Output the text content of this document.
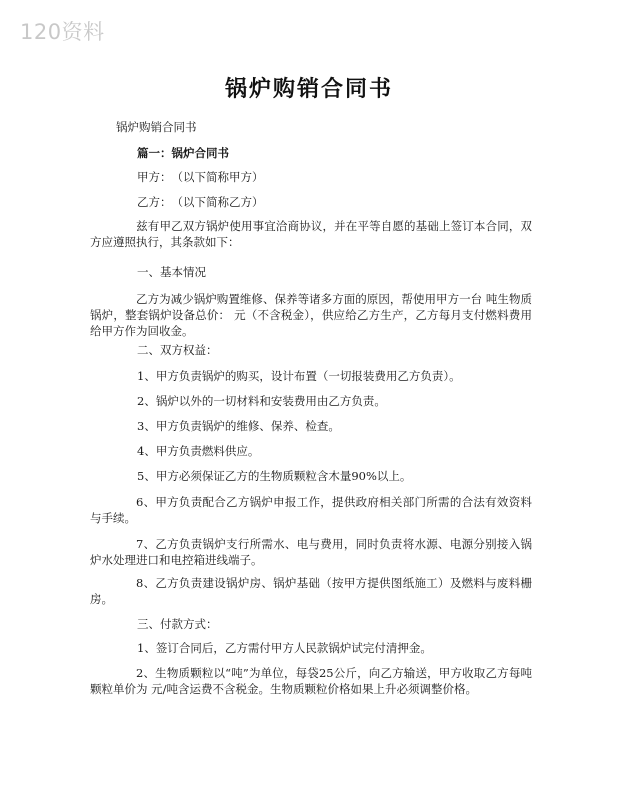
120资料
锅炉购销合同书
锅炉购销合同书
篇一：锅炉合同书
甲方：　（以下简称甲方）
乙方：　（以下简称乙方）
兹有甲乙双方锅炉使用事宜洽商协议，并在平等自愿的基础上签订本合同，双方应遵照执行，其条款如下：
一、基本情况
乙方为减少锅炉购置维修、保养等诸多方面的原因，帮使用甲方一台 吨生物质锅炉，整套锅炉设备总价： 元（不含税金），供应给乙方生产，乙方每月支付燃料费用给甲方作为回收金。
二、双方权益：
1、甲方负责锅炉的购买，设计布置（一切报装费用乙方负责）。
2、锅炉以外的一切材料和安装费用由乙方负责。
3、甲方负责锅炉的维修、保养、检查。
4、甲方负责燃料供应。
5、甲方必须保证乙方的生物质颗粒含木量90%以上。
6、甲方负责配合乙方锅炉申报工作，提供政府相关部门所需的合法有效资料与手续。
7、乙方负责锅炉支行所需水、电与费用，同时负责将水源、电源分别接入锅炉水处理进口和电控箱进线端子。
8、乙方负责建设锅炉房、锅炉基础（按甲方提供图纸施工）及燃料与废料栅房。
三、付款方式：
1、签订合同后，乙方需付甲方人民款锅炉试完付清押金。
2、生物质颗粒以“吨”为单位，每袋25公斤，向乙方输送，甲方收取乙方每吨颗粒单价为 元/吨含运费不含税金。生物质颗粒价格如果上升必须调整价格。
